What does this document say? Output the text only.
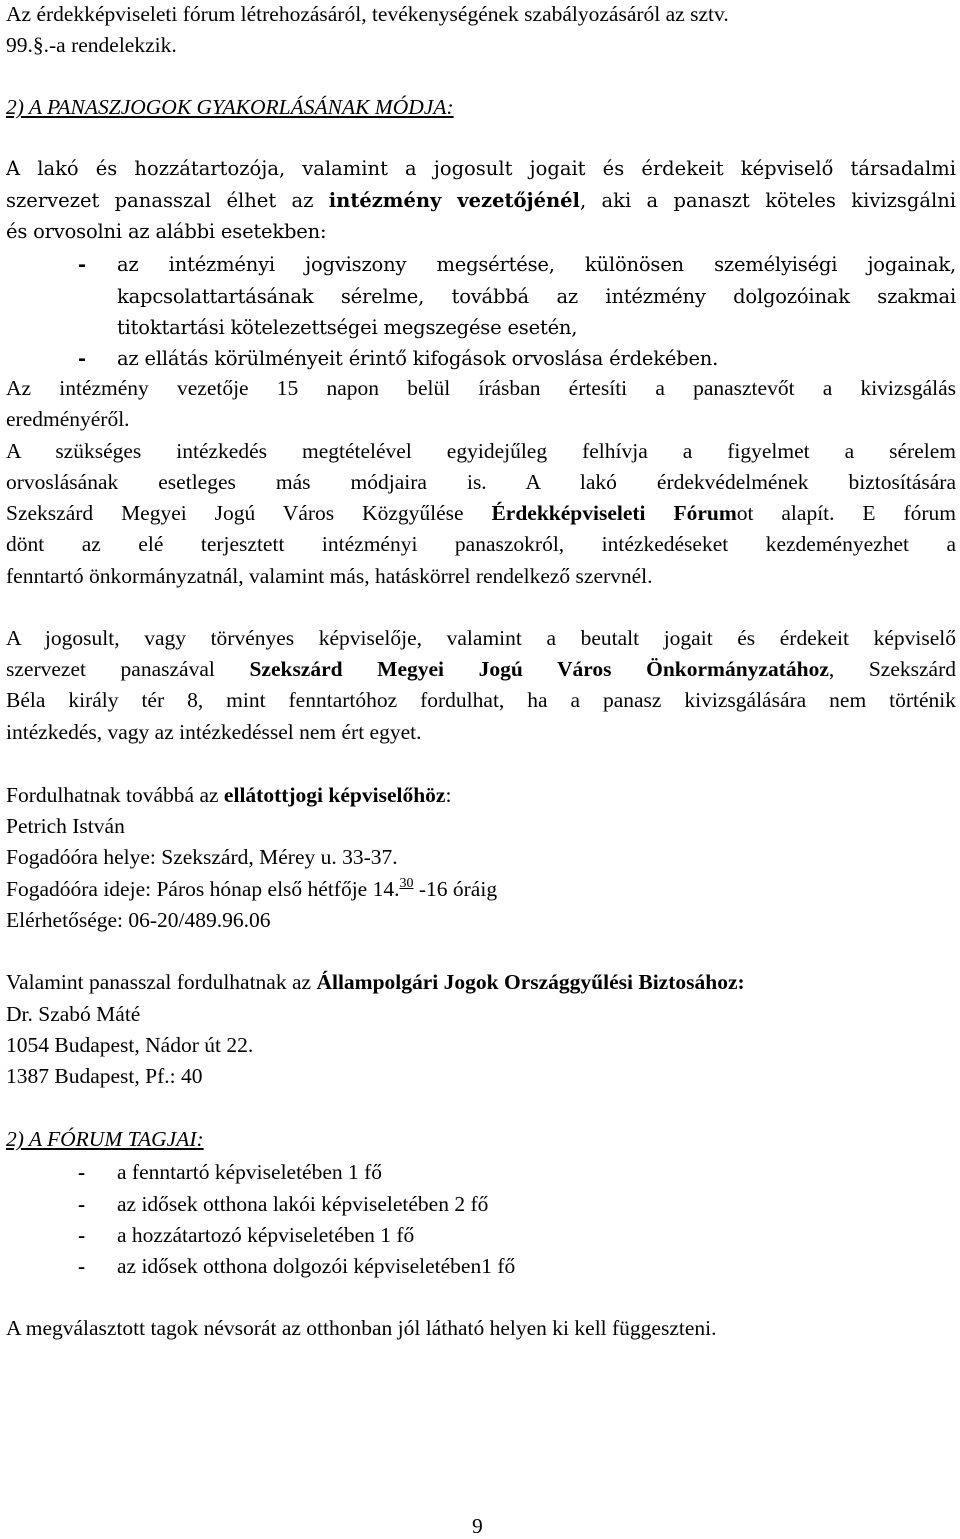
Az érdekképviseleti fórum létrehozásáról, tevékenységének szabályozásáról az sztv.
99.§.-a rendelekzik.
2) A PANASZJOGOK GYAKORLÁSÁNAK MÓDJA:
A lakó és hozzátartozója, valamint a jogosult jogait és érdekeit képviselő társadalmi
szervezet panasszal élhet az intézmény vezetőjénél, aki a panaszt köteles kivizsgálni
és orvosolni az alábbi esetekben:
- az intézményi jogviszony megsértése, különösen személyiségi jogainak,
kapcsolattartásának sérelme, továbbá az intézmény dolgozóinak szakmai
titoktartási kötelezettségei megszegése esetén,
- az ellátás körülményeit érintő kifogások orvoslása érdekében.
Az intézmény vezetője 15 napon belül írásban értesíti a panasztevőt a kivizsgálás
eredményéről.
A szükséges intézkedés megtételével egyidejűleg felhívja a figyelmet a sérelem
orvoslásának esetleges más módjaira is. A lakó érdekvédelmének biztosítására
Szekszárd Megyei Jogú Város Közgyűlése Érdekképviseleti Fórumot alapít. E fórum
dönt az elé terjesztett intézményi panaszokról, intézkedéseket kezdeményezhet a
fenntartó önkormányzatnál, valamint más, hatáskörrel rendelkező szervnél.
A jogosult, vagy törvényes képviselője, valamint a beutalt jogait és érdekeit képviselő
szervezet panaszával Szekszárd Megyei Jogú Város Önkormányzatához, Szekszárd
Béla király tér 8, mint fenntartóhoz fordulhat, ha a panasz kivizsgálására nem történik
intézkedés, vagy az intézkedéssel nem ért egyet.
Fordulhatnak továbbá az ellátottjogi képviselőhöz:
Petrich István
Fogadóóra helye: Szekszárd, Mérey u. 33-37.
Fogadóóra ideje: Páros hónap első hétfője 14.30 -16 óráig
Elérhetősége: 06-20/489.96.06
Valamint panasszal fordulhatnak az Állampolgári Jogok Országgyűlési Biztosához:
Dr. Szabó Máté
1054 Budapest, Nádor út 22.
1387 Budapest, Pf.: 40
2) A FÓRUM TAGJAI:
- a fenntartó képviseletében 1 fő
- az idősek otthona lakói képviseletében 2 fő
- a hozzátartozó képviseletében 1 fő
- az idősek otthona dolgozói képviseletében1 fő
A megválasztott tagok névsorát az otthonban jól látható helyen ki kell függeszteni.
9
